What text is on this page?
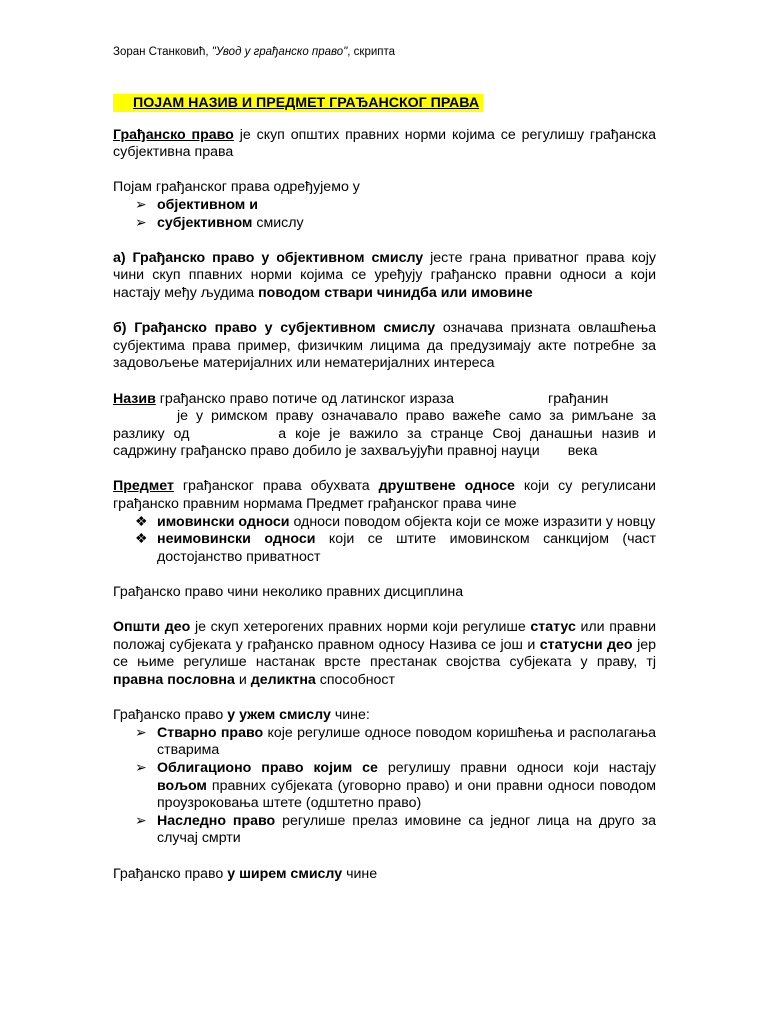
Зоран Станковић, "Увод у грађанско право", скрипта
ПОЈАМ НАЗИВ И ПРЕДМЕТ ГРАЂАНСКОГ ПРАВА

Грађанско право је скуп општих правних норми којима се регулишу грађанска субјективна права

Појам грађанског права одређујемо у

➢ објективном и
➢ субјективном смислу

а) Грађанско право у објективном смислу јесте грана приватног права коју чини скуп ппавних норми којима се уређују грађанско правни односи а који настају међу људима поводом ствари чинидба или имовине

б) Грађанско право у субјективном смислу означава призната овлашћења субјектима права пример, физичким лицима да предузимају акте потребне за задовољење материјалних или нематеријалних интереса

Назив грађанско право потиче од латинског израза	грађанин
је у римском праву означавало право важеће само за римљане за разлику од	а које је важило за странце Свој данашњи назив и садржину грађанско право добило је захваљујући правној науци века

Предмет грађанског права обухвата друштвене односе који су регулисани грађанско правним нормама Предмет грађанског права чине

❖ имовински односи односи поводом објекта који се може изразити у новцу
❖ неимовински односи који се штите имовинском санкцијом (част достојанство приватност

Грађанско право чини неколико правних дисциплина

Општи део је скуп хетерогених правних норми који регулише статус или правни положај субјеката у грађанско правном односу Назива се још и статусни део јер се њиме регулише настанак врсте престанак својства субјеката у праву, тј правна пословна и деликтна способност

Грађанско право у ужем смислу чине:

➢ Стварно право које регулише односе поводом коришћења и располагања стварима
➢ Облигационо право којим се регулишу правни односи који настају вољом правних субјеката (уговорно право) и они правни односи поводом проузроковања штете (одштетно право)
➢ Наследно право регулише прелаз имовине са једног лица на друго за случај смрти

Грађанско право у ширем смислу чине
